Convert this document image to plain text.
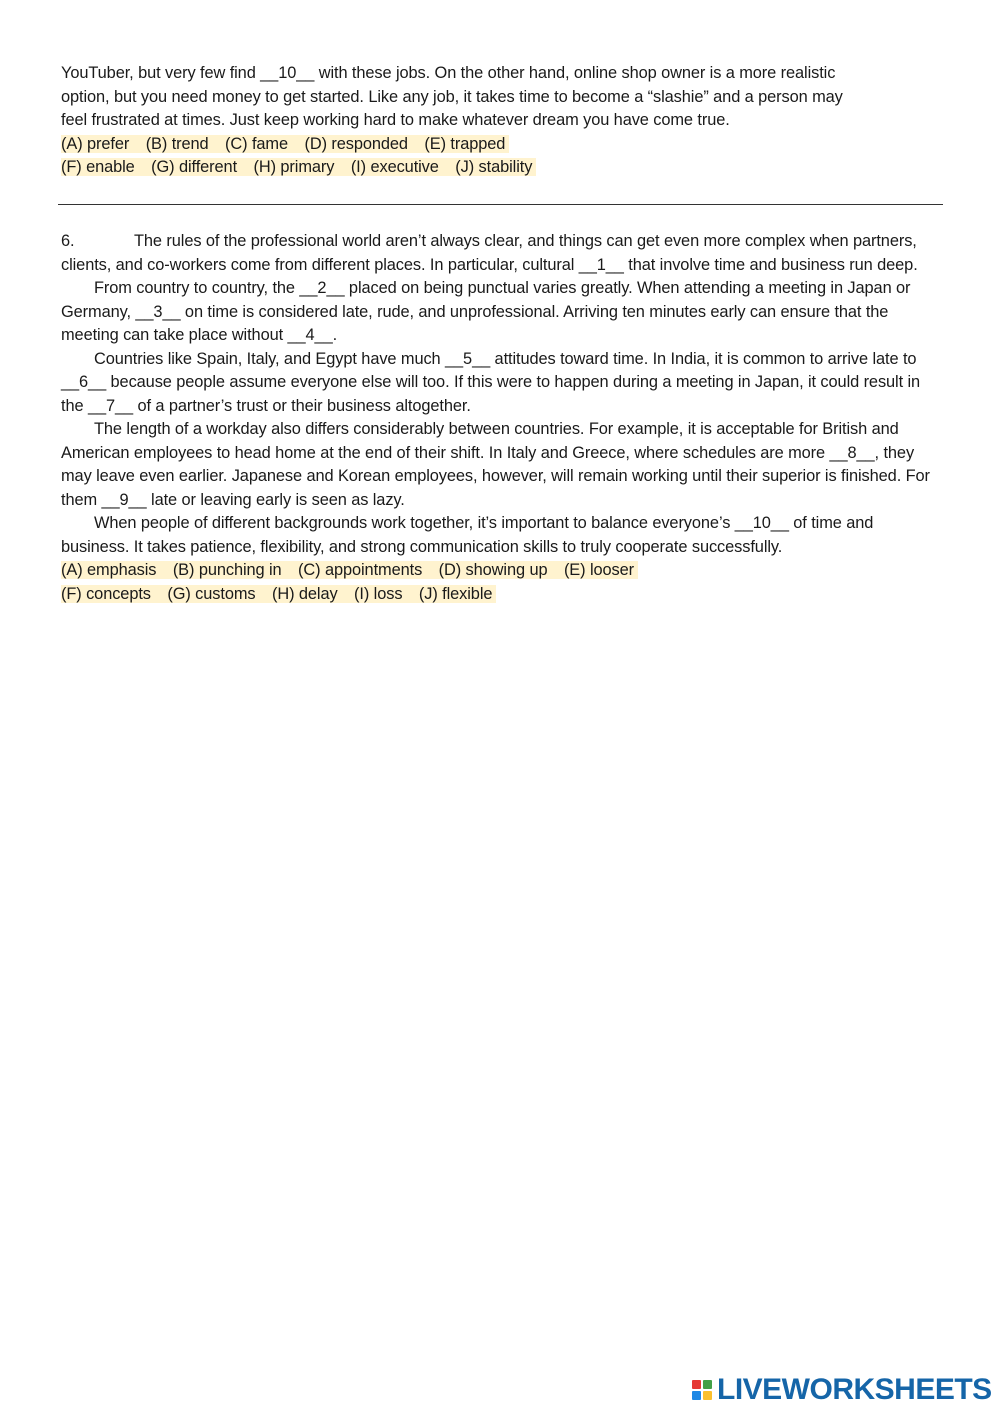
YouTuber, but very few find __10__ with these jobs. On the other hand, online shop owner is a more realistic

option, but you need money to get started. Like any job, it takes time to become a “slashie” and a person may

feel frustrated at times. Just keep working hard to make whatever dream you have come true.

(A) prefer (B) trend (C) fame (D) responded (E) trapped

(F) enable (G) different (H) primary (I) executive (J) stability

6.	The rules of the professional world aren’t always clear, and things can get even more complex when partners, clients, and co-workers come from different places. In particular, cultural __1__ that involve time and business run deep.

From country to country, the __2__ placed on being punctual varies greatly. When attending a meeting in Japan or Germany, __3__ on time is considered late, rude, and unprofessional. Arriving ten minutes early can ensure that the meeting can take place without __4__.

Countries like Spain, Italy, and Egypt have much __5__ attitudes toward time. In India, it is common to arrive late to __6__ because people assume everyone else will too. If this were to happen during a meeting in Japan, it could result in the __7__ of a partner’s trust or their business altogether.

The length of a workday also differs considerably between countries. For example, it is acceptable for British and American employees to head home at the end of their shift. In Italy and Greece, where schedules are more __8__, they may leave even earlier. Japanese and Korean employees, however, will remain working until their superior is finished. For them __9__ late or leaving early is seen as lazy.

When people of different backgrounds work together, it’s important to balance everyone’s __10__ of time and business. It takes patience, flexibility, and strong communication skills to truly cooperate successfully.

(A) emphasis (B) punching in (C) appointments (D) showing up (E) looser

(F) concepts (G) customs (H) delay (I) loss (J) flexible

LIVEWORKSHEETS
